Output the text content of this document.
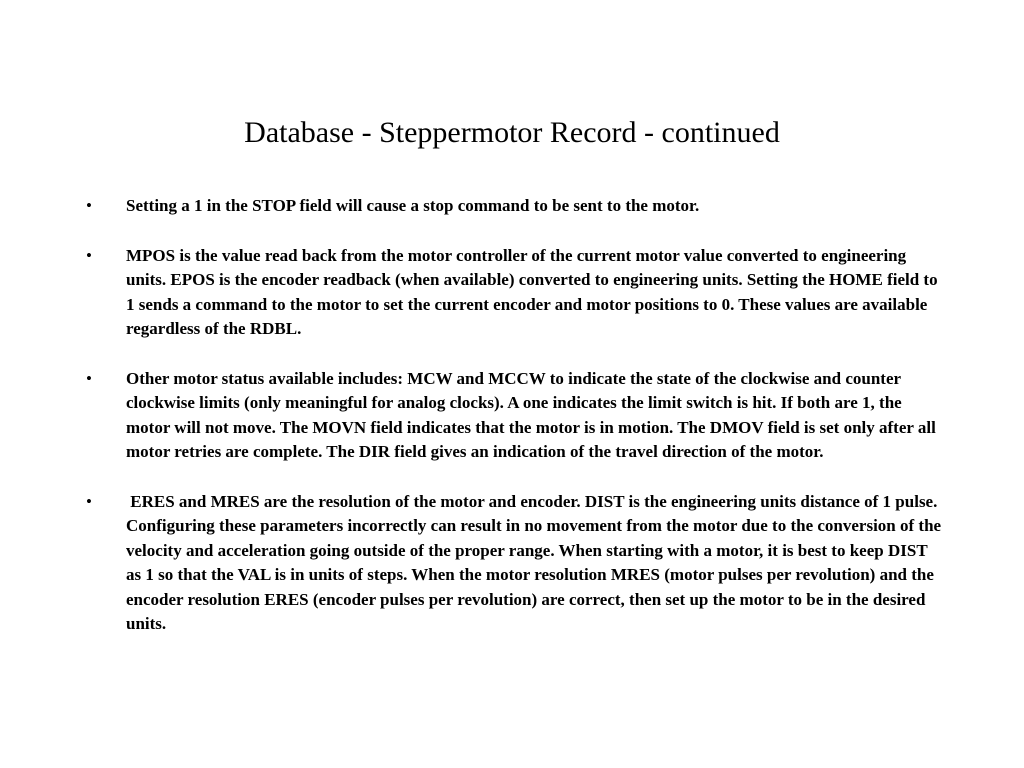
Database - Steppermotor Record - continued
• Setting a 1 in the STOP field will cause a stop command to be sent to the motor.
• MPOS is the value read back from the motor controller of the current motor value converted to engineering units. EPOS is the encoder readback (when available) converted to engineering units. Setting the HOME field to 1 sends a command to the motor to set the current encoder and motor positions to 0. These values are available regardless of the RDBL.
• Other motor status available includes: MCW and MCCW to indicate the state of the clockwise and counter clockwise limits (only meaningful for analog clocks). A one indicates the limit switch is hit. If both are 1, the motor will not move. The MOVN field indicates that the motor is in motion. The DMOV field is set only after all motor retries are complete. The DIR field gives an indication of the travel direction of the motor.
• ERES and MRES are the resolution of the motor and encoder. DIST is the engineering units distance of 1 pulse. Configuring these parameters incorrectly can result in no movement from the motor due to the conversion of the velocity and acceleration going outside of the proper range. When starting with a motor, it is best to keep DIST as 1 so that the VAL is in units of steps. When the motor resolution MRES (motor pulses per revolution) and the encoder resolution ERES (encoder pulses per revolution) are correct, then set up the motor to be in the desired units.
